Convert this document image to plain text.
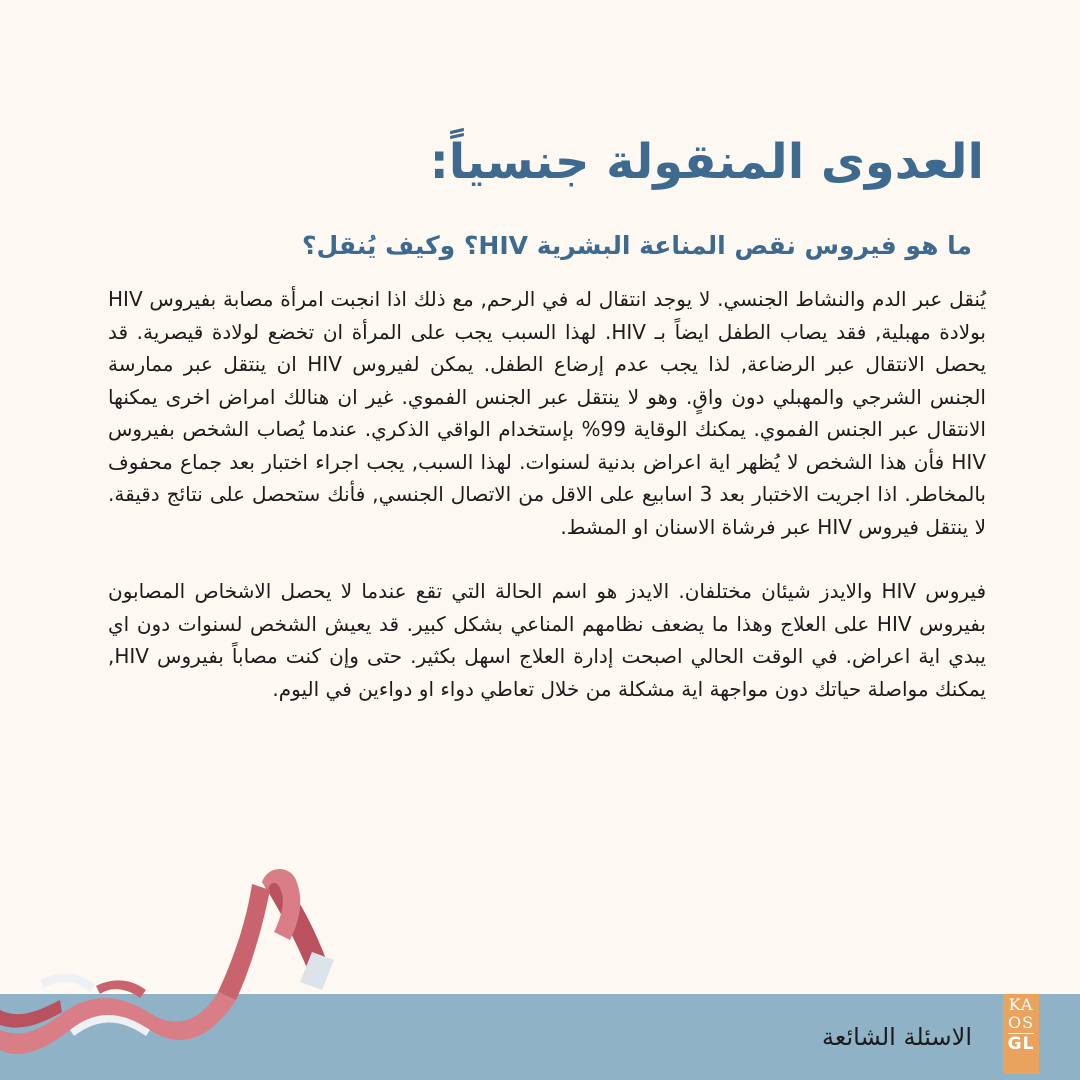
العدوى المنقولة جنسياً:
ما هو فيروس نقص المناعة البشرية HIV؟ وكيف يُنقل؟

يُنقل عبر الدم والنشاط الجنسي. لا يوجد انتقال له في الرحم, مع ذلك اذا انجبت امرأة مصابة بفيروس HIV بولادة مهبلية, فقد يصاب الطفل ايضاً بـ HIV. لهذا السبب يجب على المرأة ان تخضع لولادة قيصرية. قد يحصل الانتقال عبر الرضاعة, لذا يجب عدم إرضاع الطفل. يمكن لفيروس HIV ان ينتقل عبر ممارسة الجنس الشرجي والمهبلي دون واقٍ. وهو لا ينتقل عبر الجنس الفموي. غير ان هنالك امراض اخرى يمكنها الانتقال عبر الجنس الفموي. يمكنك الوقاية 99% بإستخدام الواقي الذكري. عندما يُصاب الشخص بفيروس HIV فأن هذا الشخص لا يُظهر اية اعراض بدنية لسنوات. لهذا السبب, يجب اجراء اختبار بعد جماع محفوف بالمخاطر. اذا اجريت الاختبار بعد 3 اسابيع على الاقل من الاتصال الجنسي, فأنك ستحصل على نتائج دقيقة. لا ينتقل فيروس HIV عبر فرشاة الاسنان او المشط.

فيروس HIV والايدز شيئان مختلفان. الايدز هو اسم الحالة التي تقع عندما لا يحصل الاشخاص المصابون بفيروس HIV على العلاج وهذا ما يضعف نظامهم المناعي بشكل كبير. قد يعيش الشخص لسنوات دون اي يبدي اية اعراض. في الوقت الحالي اصبحت إدارة العلاج اسهل بكثير. حتى وإن كنت مصاباً بفيروس HIV, يمكنك مواصلة حياتك دون مواجهة اية مشكلة من خلال تعاطي دواء او دواءين في اليوم.

الاسئلة الشائعة
KA
OS
GL
